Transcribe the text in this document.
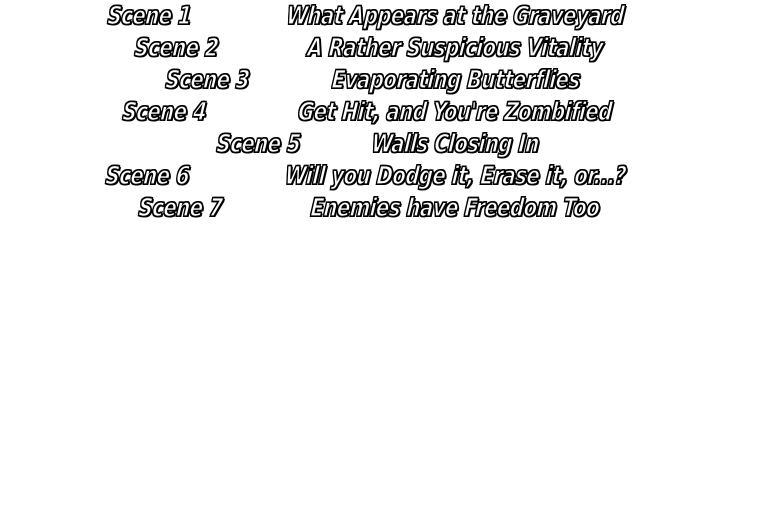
Scene 1	What Appears at the Graveyard
Scene 2	A Rather Suspicious Vitality
Scene 3	Evaporating Butterflies
Scene 4	Get Hit, and You're Zombified
Scene 5	Walls Closing In
Scene 6	Will you Dodge it, Erase it, or...?
Scene 7	Enemies have Freedom Too
